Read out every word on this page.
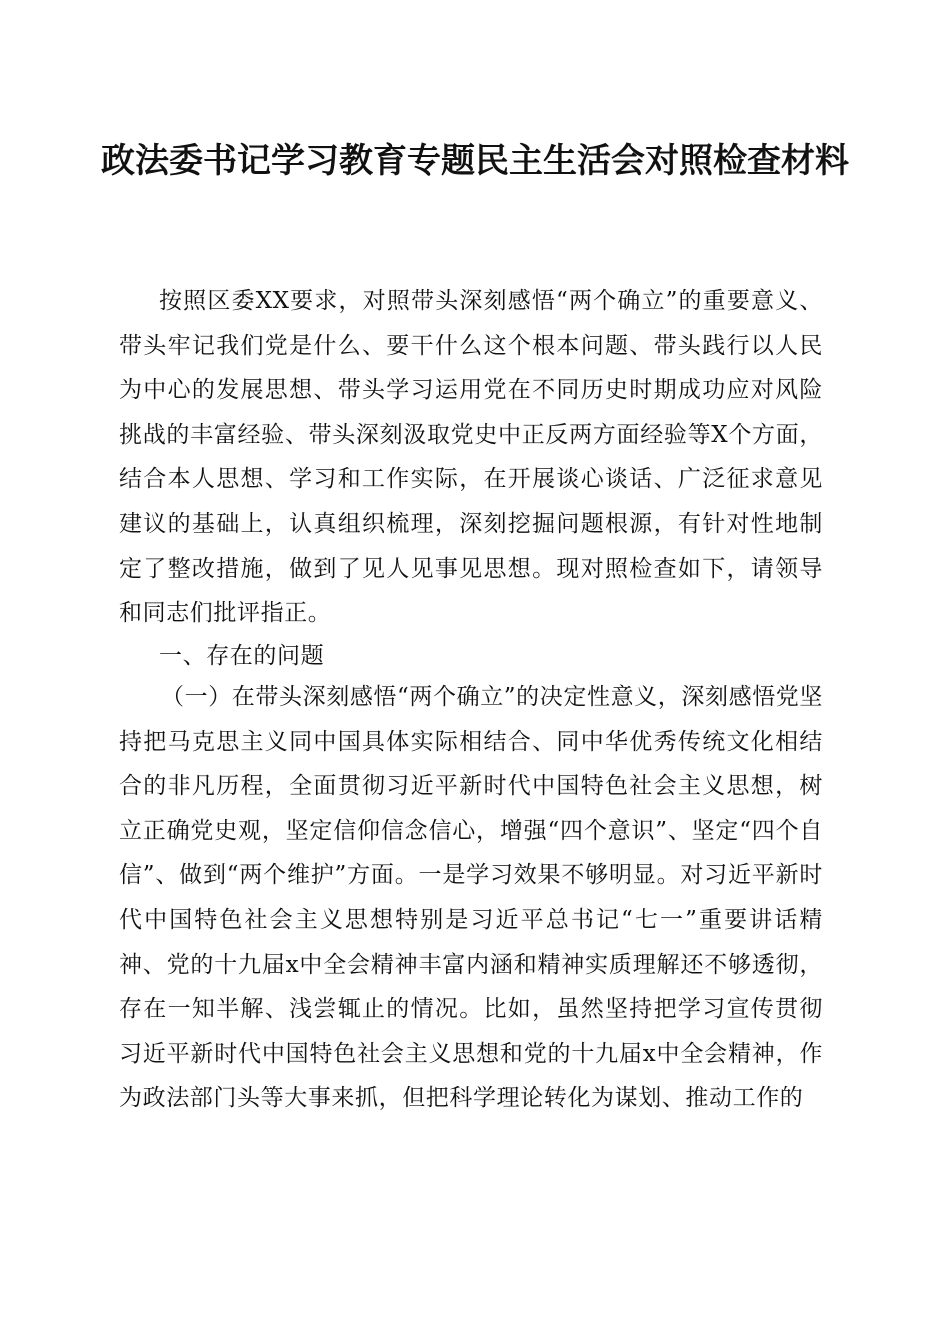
政法委书记学习教育专题民主生活会对照检查材料
按照区委XX要求，对照带头深刻感悟“两个确立”的重要意义、带头牢记我们党是什么、要干什么这个根本问题、带头践行以人民为中心的发展思想、带头学习运用党在不同历史时期成功应对风险挑战的丰富经验、带头深刻汲取党史中正反两方面经验等X个方面，结合本人思想、学习和工作实际，在开展谈心谈话、广泛征求意见建议的基础上，认真组织梳理，深刻挖掘问题根源，有针对性地制定了整改措施，做到了见人见事见思想。现对照检查如下，请领导和同志们批评指正。
一、存在的问题
（一）在带头深刻感悟“两个确立”的决定性意义，深刻感悟党坚持把马克思主义同中国具体实际相结合、同中华优秀传统文化相结合的非凡历程，全面贯彻习近平新时代中国特色社会主义思想，树立正确党史观，坚定信仰信念信心，增强“四个意识”、坚定“四个自信”、做到“两个维护”方面。一是学习效果不够明显。对习近平新时代中国特色社会主义思想特别是习近平总书记“七一”重要讲话精神、党的十九届x中全会精神丰富内涵和精神实质理解还不够透彻，存在一知半解、浅尝辄止的情况。比如，虽然坚持把学习宣传贯彻习近平新时代中国特色社会主义思想和党的十九届x中全会精神，作为政法部门头等大事来抓，但把科学理论转化为谋划、推动工作的
